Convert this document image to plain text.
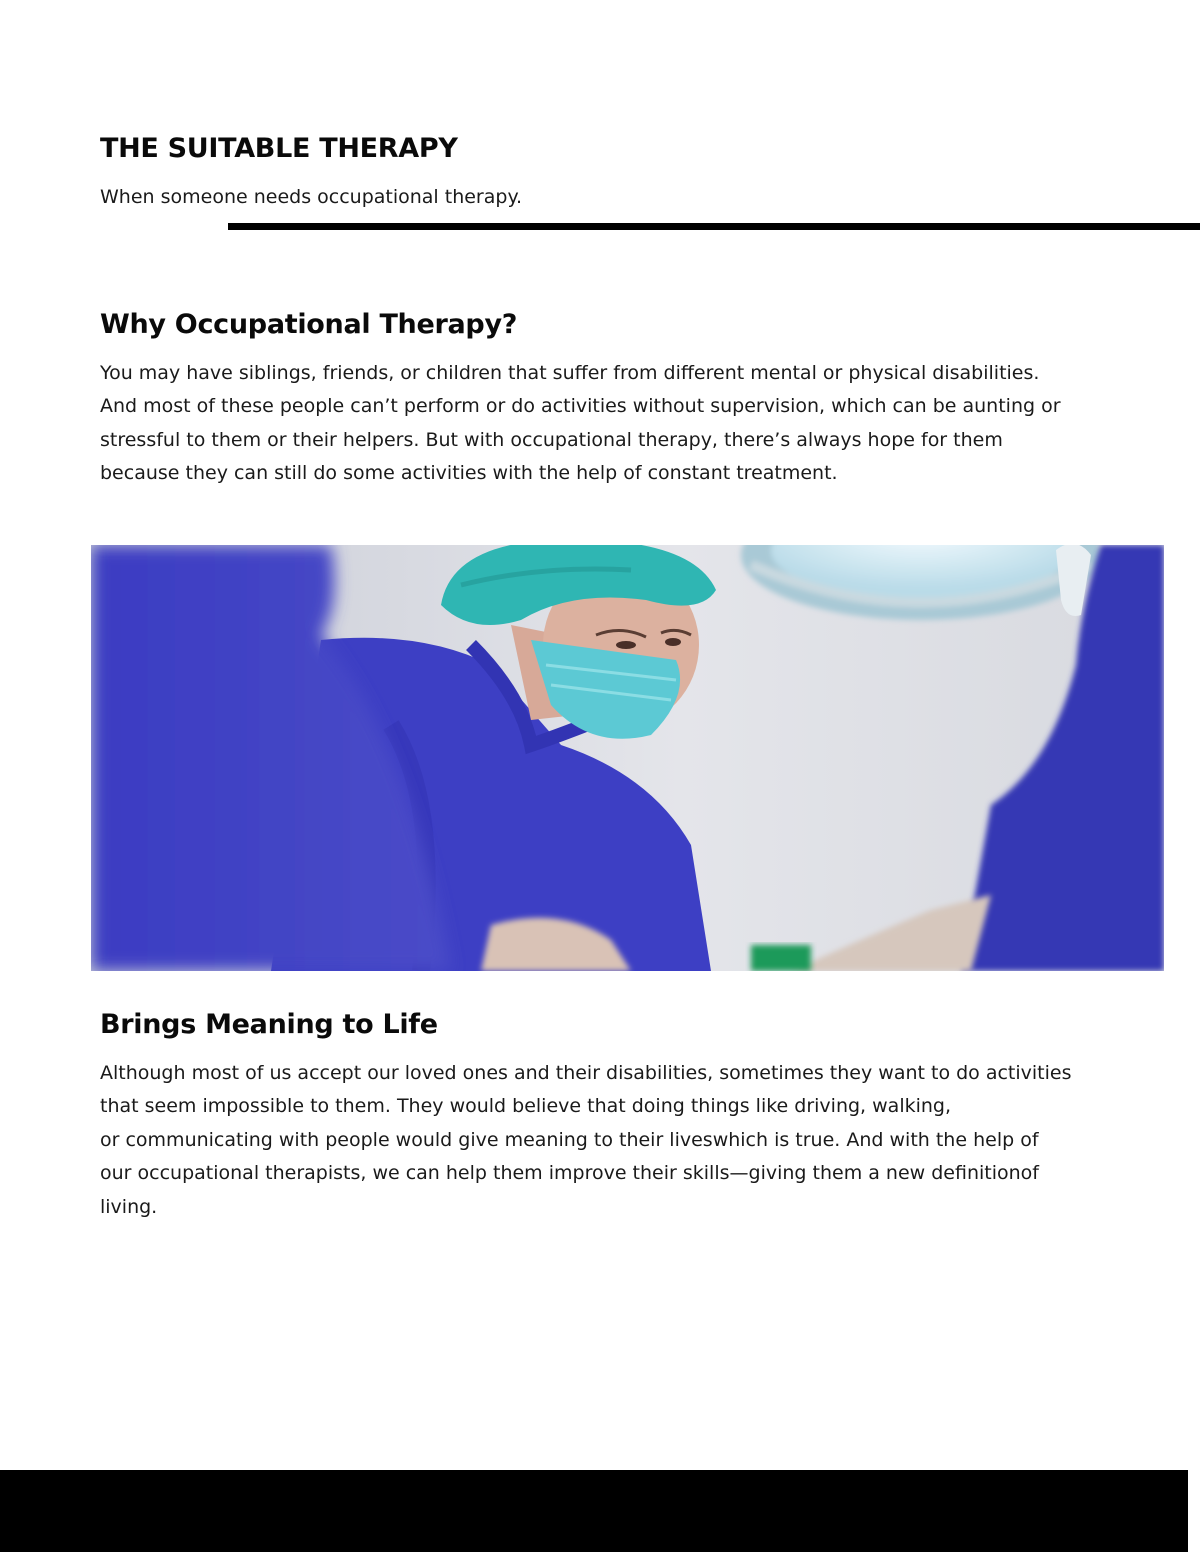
THE SUITABLE THERAPY

When someone needs occupational therapy.

Why Occupational Therapy?
You may have siblings, friends, or children that suffer from different mental or physical disabilities.
And most of these people can’t perform or do activities without supervision, which can be aunting or
stressful to them or their helpers. But with occupational therapy, there’s always hope for them
because they can still do some activities with the help of constant treatment.
Brings Meaning to Life
Although most of us accept our loved ones and their disabilities, sometimes they want to do activities
that seem impossible to them. They would believe that doing things like driving, walking,
or communicating with people would give meaning to their liveswhich is true. And with the help of
our occupational therapists, we can help them improve their skills—giving them a new definitionof
living.
